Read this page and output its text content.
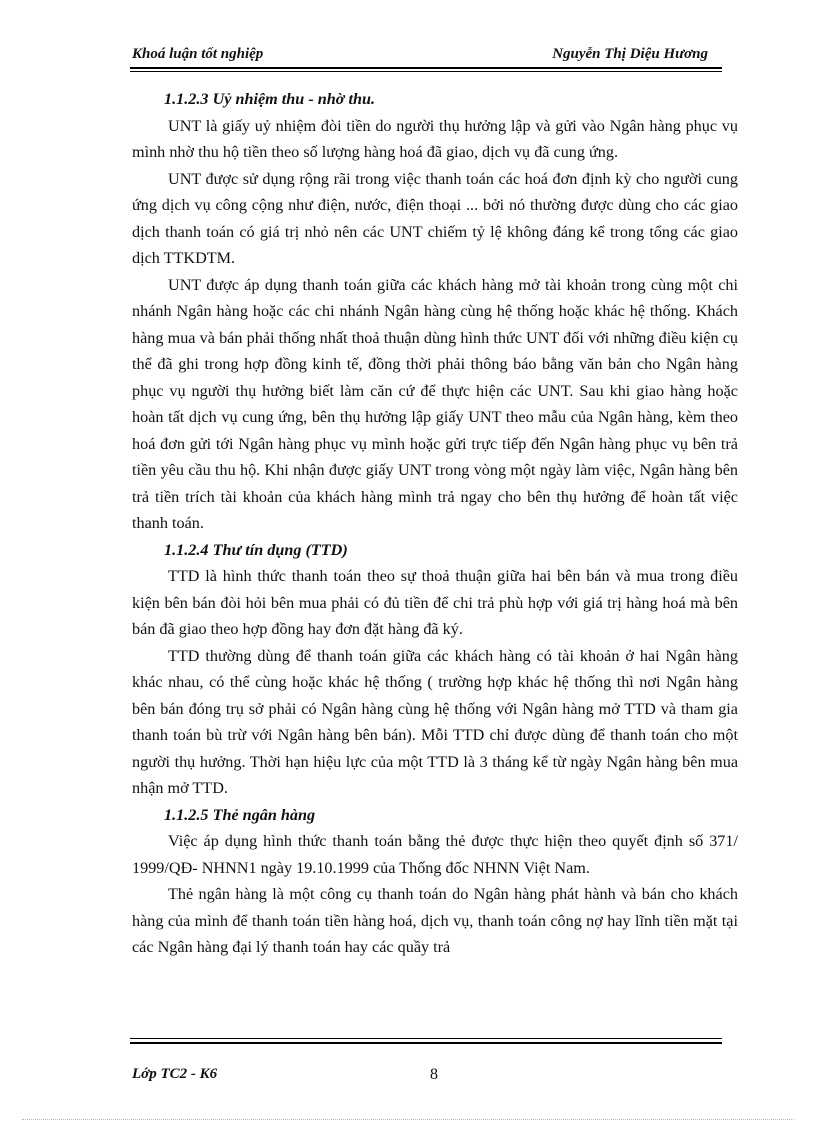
Khoá luận tốt nghiệp	Nguyễn Thị Diệu Hương
1.1.2.3 Uỷ nhiệm thu - nhờ thu.

UNT là giấy uỷ nhiệm đòi tiền do người thụ hưởng lập và gửi vào Ngân hàng phục vụ mình nhờ thu hộ tiền theo số lượng hàng hoá đã giao, dịch vụ đã cung ứng.

UNT được sử dụng rộng rãi trong việc thanh toán các hoá đơn định kỳ cho người cung ứng dịch vụ công cộng như điện, nước, điện thoại ... bởi nó thường được dùng cho các giao dịch thanh toán có giá trị nhỏ nên các UNT chiếm tỷ lệ không đáng kể trong tổng các giao dịch TTKDTM.

UNT được áp dụng thanh toán giữa các khách hàng mở tài khoản trong cùng một chi nhánh Ngân hàng hoặc các chi nhánh Ngân hàng cùng hệ thống hoặc khác hệ thống. Khách hàng mua và bán phải thống nhất thoả thuận dùng hình thức UNT đối với những điều kiện cụ thể đã ghi trong hợp đồng kinh tế, đồng thời phải thông báo bằng văn bản cho Ngân hàng phục vụ người thụ hưởng biết làm căn cứ để thực hiện các UNT. Sau khi giao hàng hoặc hoàn tất dịch vụ cung ứng, bên thụ hưởng lập giấy UNT theo mẫu của Ngân hàng, kèm theo hoá đơn gửi tới Ngân hàng phục vụ mình hoặc gửi trực tiếp đến Ngân hàng phục vụ bên trả tiền yêu cầu thu hộ. Khi nhận được giấy UNT trong vòng một ngày làm việc, Ngân hàng bên trả tiền trích tài khoản của khách hàng mình trả ngay cho bên thụ hưởng để hoàn tất việc thanh toán.

1.1.2.4 Thư tín dụng (TTD)

TTD là hình thức thanh toán theo sự thoả thuận giữa hai bên bán và mua trong điều kiện bên bán đòi hỏi bên mua phải có đủ tiền để chi trả phù hợp với giá trị hàng hoá mà bên bán đã giao theo hợp đồng hay đơn đặt hàng đã ký.

TTD thường dùng để thanh toán giữa các khách hàng có tài khoản ở hai Ngân hàng khác nhau, có thể cùng hoặc khác hệ thống ( trường hợp khác hệ thống thì nơi Ngân hàng bên bán đóng trụ sở phải có Ngân hàng cùng hệ thống với Ngân hàng mở TTD và tham gia thanh toán bù trừ với Ngân hàng bên bán). Mỗi TTD chỉ được dùng để thanh toán cho một người thụ hưởng. Thời hạn hiệu lực của một TTD là 3 tháng kể từ ngày Ngân hàng bên mua nhận mở TTD.

1.1.2.5 Thẻ ngân hàng

Việc áp dụng hình thức thanh toán bằng thẻ được thực hiện theo quyết định số 371/ 1999/QĐ- NHNN1 ngày 19.10.1999 của Thống đốc NHNN Việt Nam.

Thẻ ngân hàng là một công cụ thanh toán do Ngân hàng phát hành và bán cho khách hàng của mình để thanh toán tiền hàng hoá, dịch vụ, thanh toán công nợ hay lĩnh tiền mặt tại các Ngân hàng đại lý thanh toán hay các quầy trả

Lớp TC2 - K6	8
